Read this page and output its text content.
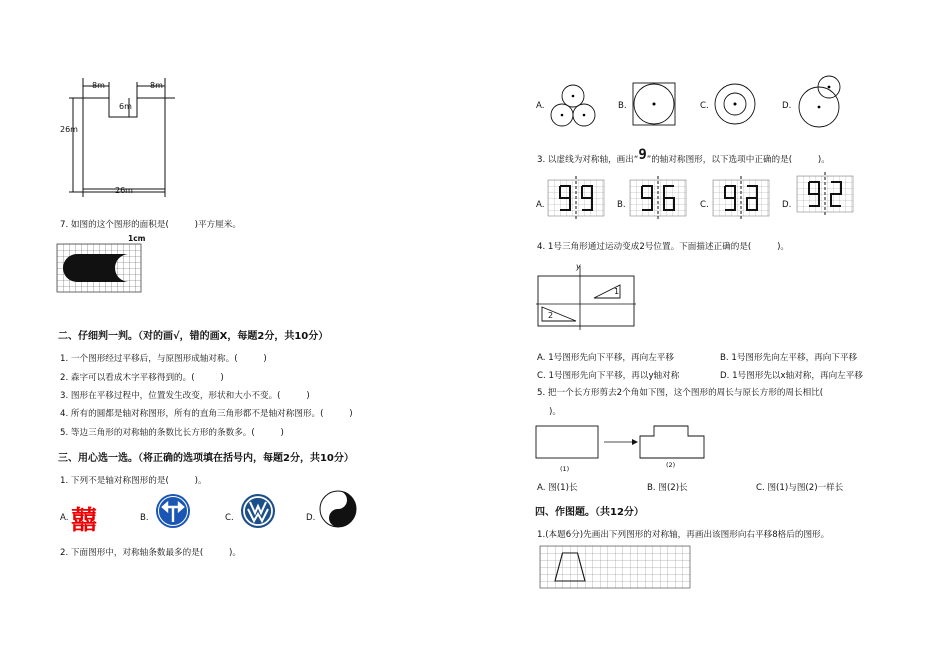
8m	8m
6m
26m
26m
7. 如图的这个图形的面积是(　　　)平方厘米。
1cm
二、仔细判一判。（对的画√，错的画X，每题2分，共10分）
1. 一个图形经过平移后，与原图形成轴对称。(　　　)
2. 森字可以看成木字平移得到的。(　　　)
3. 图形在平移过程中，位置发生改变，形状和大小不变。(　　　)
4. 所有的圆都是轴对称图形，所有的直角三角形都不是轴对称图形。(　　　)
5. 等边三角形的对称轴的条数比长方形的条数多。(　　　)
三、用心选一选。（将正确的选项填在括号内，每题2分，共10分）
1. 下列不是轴对称图形的是(　　　)。
A. 囍	B.	C.	D.
2. 下面图形中，对称轴条数最多的是(　　　)。
A.	B.	C.	D.
3. 以虚线为对称轴，画出“9”的轴对称图形，以下选项中正确的是(　　　)。
A.	B.	C.	D.
4. 1号三角形通过运动变成2号位置。下面描述正确的是(　　　)。
y
1
2
A. 1号图形先向下平移，再向左平移	B. 1号图形先向左平移，再向下平移
C. 1号图形先向下平移，再以y轴对称	D. 1号图形先以x轴对称，再向左平移
5. 把一个长方形剪去2个角如下图，这个图形的周长与原长方形的周长相比(
)。
(1)	(2)
A. 图(1)长	B. 图(2)长	C. 图(1)与图(2)一样长
四、作图题。（共12分）
1.(本题6分)先画出下列图形的对称轴，再画出该图形向右平移8格后的图形。
